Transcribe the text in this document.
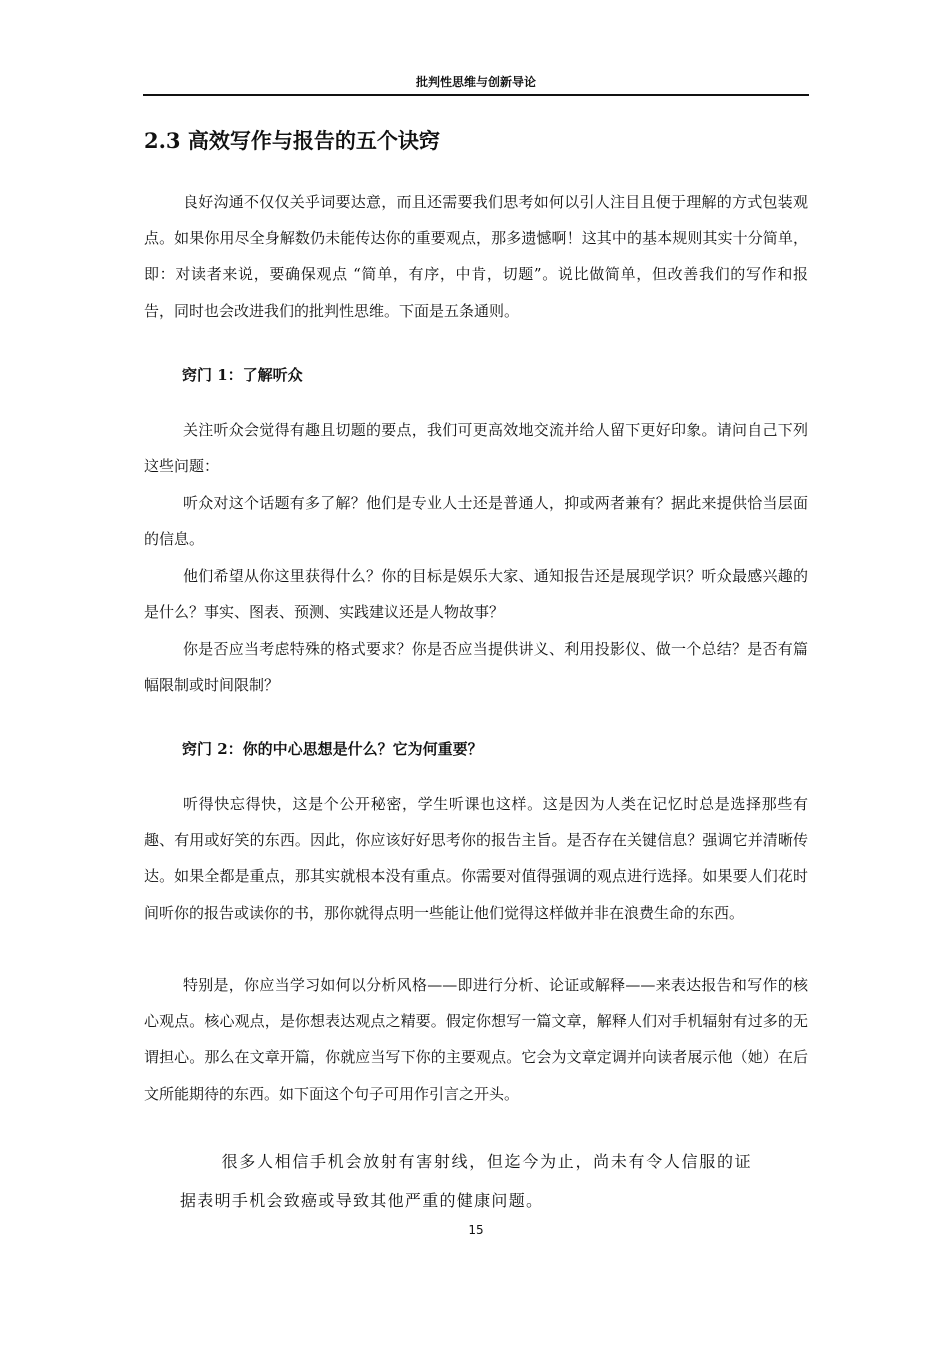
批判性思维与创新导论
2.3 高效写作与报告的五个诀窍

良好沟通不仅仅关乎词要达意，而且还需要我们思考如何以引人注目且便于理解的方式包装观点。如果你用尽全身解数仍未能传达你的重要观点，那多遗憾啊！这其中的基本规则其实十分简单，即：对读者来说，要确保观点 “简单，有序，中肯，切题”。说比做简单，但改善我们的写作和报告，同时也会改进我们的批判性思维。下面是五条通则。

窍门 1：了解听众

关注听众会觉得有趣且切题的要点，我们可更高效地交流并给人留下更好印象。请问自己下列这些问题：

听众对这个话题有多了解？他们是专业人士还是普通人，抑或两者兼有？据此来提供恰当层面的信息。

他们希望从你这里获得什么？你的目标是娱乐大家、通知报告还是展现学识？听众最感兴趣的是什么？事实、图表、预测、实践建议还是人物故事？

你是否应当考虑特殊的格式要求？你是否应当提供讲义、利用投影仪、做一个总结？是否有篇幅限制或时间限制？

窍门 2：你的中心思想是什么？它为何重要？

听得快忘得快，这是个公开秘密，学生听课也这样。这是因为人类在记忆时总是选择那些有趣、有用或好笑的东西。因此，你应该好好思考你的报告主旨。是否存在关键信息？强调它并清晰传达。如果全都是重点，那其实就根本没有重点。你需要对值得强调的观点进行选择。如果要人们花时间听你的报告或读你的书，那你就得点明一些能让他们觉得这样做并非在浪费生命的东西。

特别是，你应当学习如何以分析风格——即进行分析、论证或解释——来表达报告和写作的核心观点。核心观点，是你想表达观点之精要。假定你想写一篇文章，解释人们对手机辐射有过多的无谓担心。那么在文章开篇，你就应当写下你的主要观点。它会为文章定调并向读者展示他（她）在后文所能期待的东西。如下面这个句子可用作引言之开头。

很多人相信手机会放射有害射线，但迄今为止，尚未有令人信服的证据表明手机会致癌或导致其他严重的健康问题。

15
